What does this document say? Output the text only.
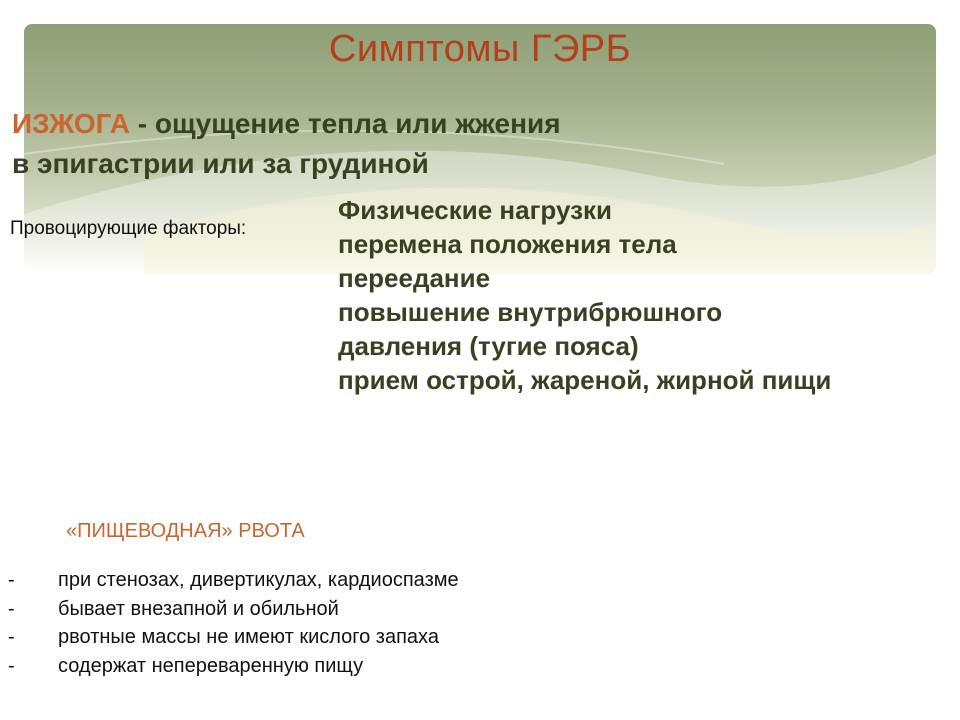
Симптомы ГЭРБ
ИЗЖОГА - ощущение тепла или жжения
в эпигастрии или за грудиной
Провоцирующие факторы:
Физические нагрузки
перемена положения тела
переедание
повышение внутрибрюшного
давления (тугие пояса)
прием острой, жареной, жирной пищи
«ПИЩЕВОДНАЯ» РВОТА
- при стенозах, дивертикулах, кардиоспазме
- бывает внезапной и обильной
- рвотные массы не имеют кислого запаха
- содержат непереваренную пищу
